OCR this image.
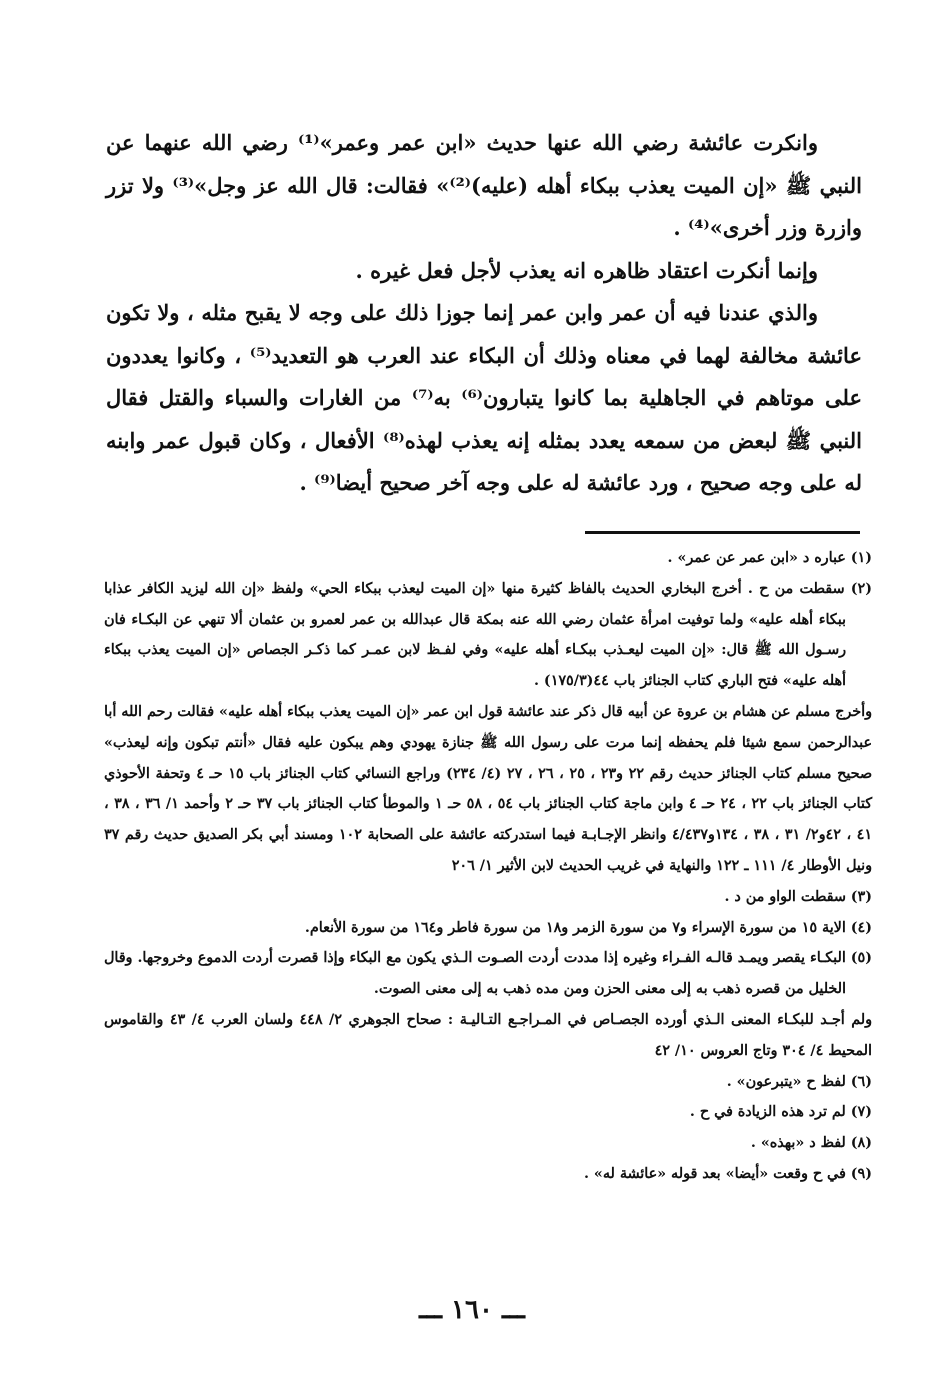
وانكرت عائشة رضي الله عنها حديث «ابن عمر وعمر»⁽¹⁾ رضي الله عنهما عن النبي ﷺ «إن الميت يعذب ببكاء أهله (عليه)⁽²⁾» فقالت: قال الله عز وجل»⁽³⁾ ولا تزر وازرة وزر أخرى»⁽⁴⁾ .

وإنما أنكرت اعتقاد ظاهره انه يعذب لأجل فعل غيره .

والذي عندنا فيه أن عمر وابن عمر إنما جوزا ذلك على وجه لا يقبح مثله ، ولا تكون عائشة مخالفة لهما في معناه وذلك أن البكاء عند العرب هو التعديد⁽⁵⁾ ، وكانوا يعددون على موتاهم في الجاهلية بما كانوا يتبارون⁽⁶⁾ به⁽⁷⁾ من الغارات والسباء والقتل فقال النبي ﷺ لبعض من سمعه يعدد بمثله إنه يعذب لهذه⁽⁸⁾ الأفعال ، وكان قبول عمر وابنه له على وجه صحيح ، ورد عائشة له على وجه آخر صحيح أيضا⁽⁹⁾ .

(١) عباره د «ابن عمر عن عمر» .

(٢) سقطت من ح . أخرج البخاري الحديث بالفاظ كثيرة منها «إن الميت ليعذب ببكاء الحي» ولفظ «إن الله ليزيد الكافر عذابا ببكاء أهله عليه» ولما توفيت امرأة عثمان رضي الله عنه بمكة قال عبدالله بن عمر لعمرو بن عثمان ألا تنهي عن البكـاء فان رسـول الله ﷺ قال: «إن الميت ليعـذب ببكـاء أهله عليه» وفي لفـظ لابن عمـر كما ذكـر الجصاص «إن الميت يعذب ببكاء أهله عليه» فتح الباري كتاب الجنائز باب ٤٤(١٧٥/٣) .

وأخرج مسلم عن هشام بن عروة عن أبيه قال ذكر عند عائشة قول ابن عمر «إن الميت يعذب ببكاء أهله عليه» فقالت رحم الله أبا عبدالرحمن سمع شيئا فلم يحفظه إنما مرت على رسول الله ﷺ جنازة يهودي وهم يبكون عليه فقال «أنتم تبكون وإنه ليعذب» صحيح مسلم كتاب الجنائز حديث رقم ٢٢ و٢٣ ، ٢٥ ، ٢٦ ، ٢٧ (٤/ ٢٣٤) وراجع النسائي كتاب الجنائز باب ١٥ حـ ٤ وتحفة الأحوذي كتاب الجنائز باب ٢٢ ، ٢٤ حـ ٤ وابن ماجة كتاب الجنائز باب ٥٤ ، ٥٨ حـ ١ والموطأ كتاب الجنائز باب ٣٧ حـ ٢ وأحمد ١/ ٣٦ ، ٣٨ ، ٤١ ، ٤٢و٢/ ٣١ ، ٣٨ ، ١٣٤و٤/٤٣٧ وانظر الإجـابـة فيما استدركته عائشة على الصحابة ١٠٢ ومسند أبي بكر الصديق حديث رقم ٣٧ ونيل الأوطار ٤/ ١١١ ـ ١٢٢ والنهاية في غريب الحديث لابن الأثير ١/ ٢٠٦

(٣) سقطت الواو من د .

(٤) الاية ١٥ من سورة الإسراء و٧ من سورة الزمر و١٨ من سورة فاطر و١٦٤ من سورة الأنعام.

(٥) البكـاء يقصر ويمـد قالـه الفـراء وغيره إذا مددت أردت الصـوت الـذي يكون مع البكاء وإذا قصرت أردت الدموع وخروجها. وقال الخليل من قصره ذهب به إلى معنى الحزن ومن مده ذهب به إلى معنى الصوت.

ولم أجـد للبكـاء المعنى الـذي أورده الجصـاص في المـراجـع التـاليـة : صحاح الجوهري ٢/ ٤٤٨ ولسان العرب ٤/ ٤٣ والقاموس المحيط ٤/ ٣٠٤ وتاج العروس ١٠/ ٤٢

(٦) لفظ ح «يتبرعون» .

(٧) لم ترد هذه الزيادة في ح .

(٨) لفظ د «بهذه» .

(٩) في ح وقعت «أيضا» بعد قوله «عائشة له» .

ـــ ١٦٠ ـــ
